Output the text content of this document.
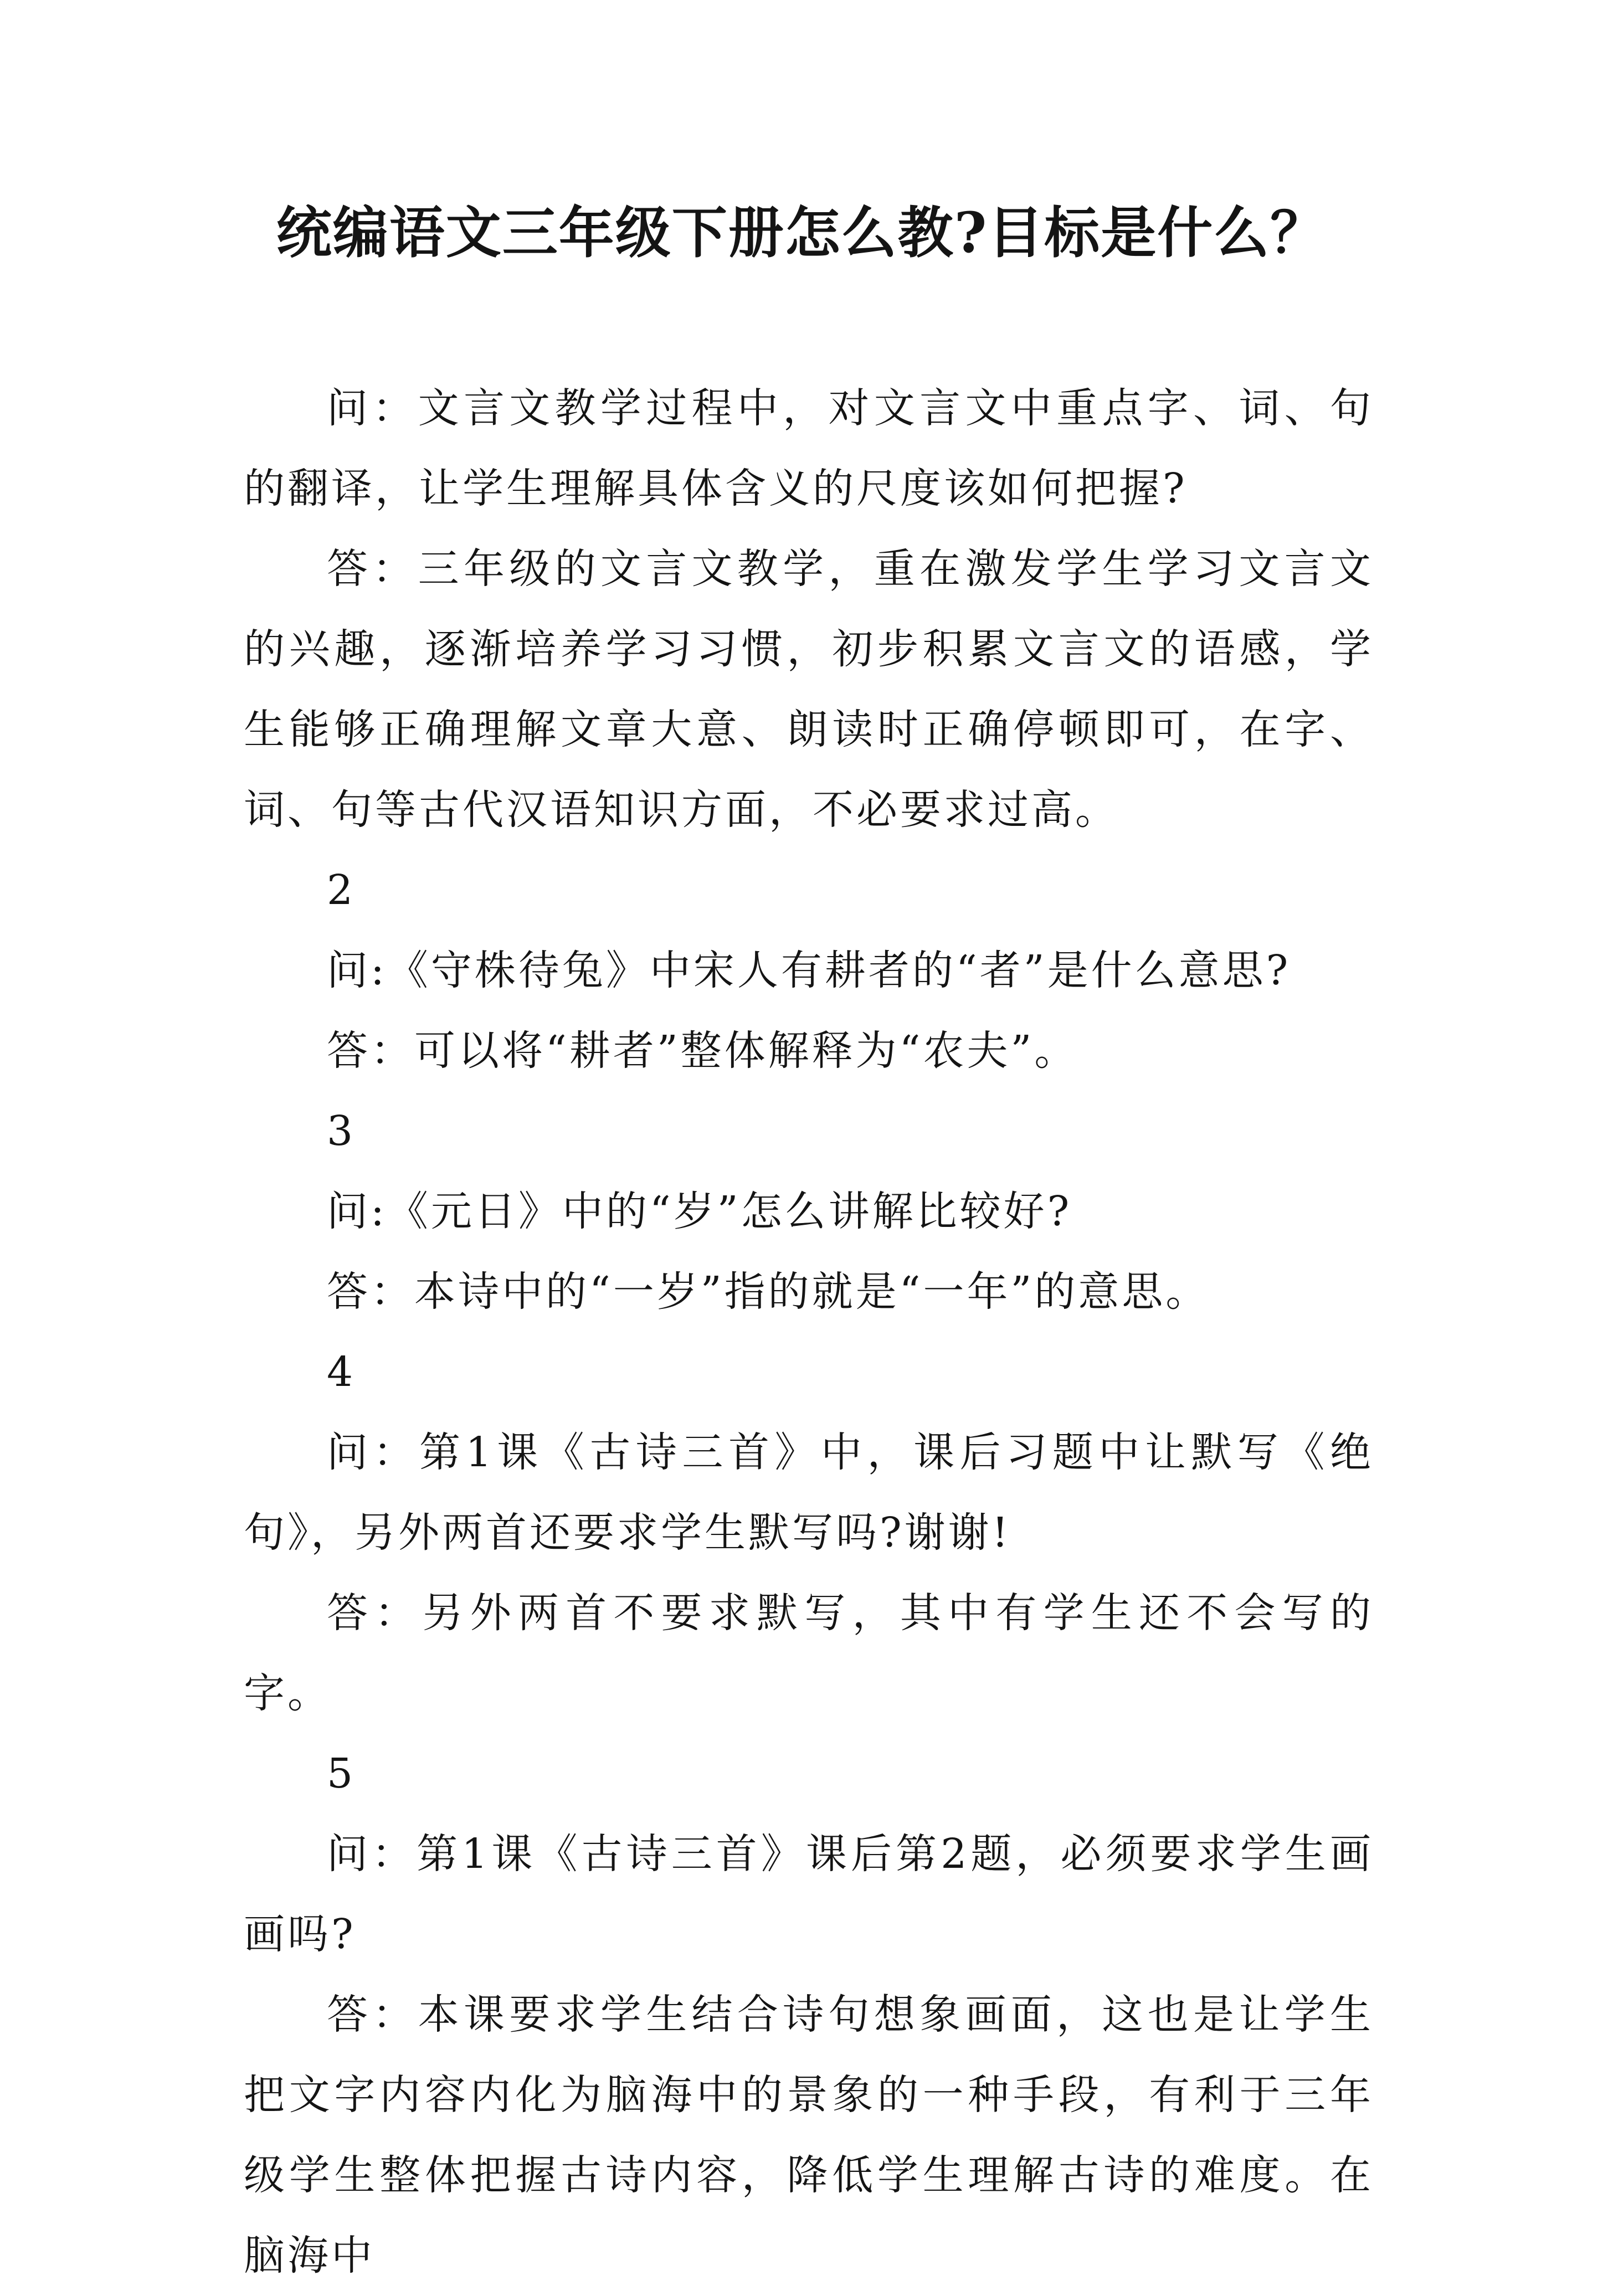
统编语文三年级下册怎么教?目标是什么？

问：文言文教学过程中，对文言文中重点字、词、句的翻译，让学生理解具体含义的尺度该如何把握?

答：三年级的文言文教学，重在激发学生学习文言文的兴趣，逐渐培养学习习惯，初步积累文言文的语感，学生能够正确理解文章大意、朗读时正确停顿即可，在字、词、句等古代汉语知识方面，不必要求过高。

2

问:《守株待兔》中宋人有耕者的“者”是什么意思?

答：可以将“耕者”整体解释为“农夫”。

3

问:《元日》中的“岁”怎么讲解比较好?

答：本诗中的“一岁”指的就是“一年”的意思。

4

问：第1课《古诗三首》中，课后习题中让默写《绝句》，另外两首还要求学生默写吗?谢谢!

答：另外两首不要求默写，其中有学生还不会写的字。

5

问：第1课《古诗三首》课后第2题，必须要求学生画画吗?

答：本课要求学生结合诗句想象画面，这也是让学生把文字内容内化为脑海中的景象的一种手段，有利于三年级学生整体把握古诗内容，降低学生理解古诗的难度。在脑海中
